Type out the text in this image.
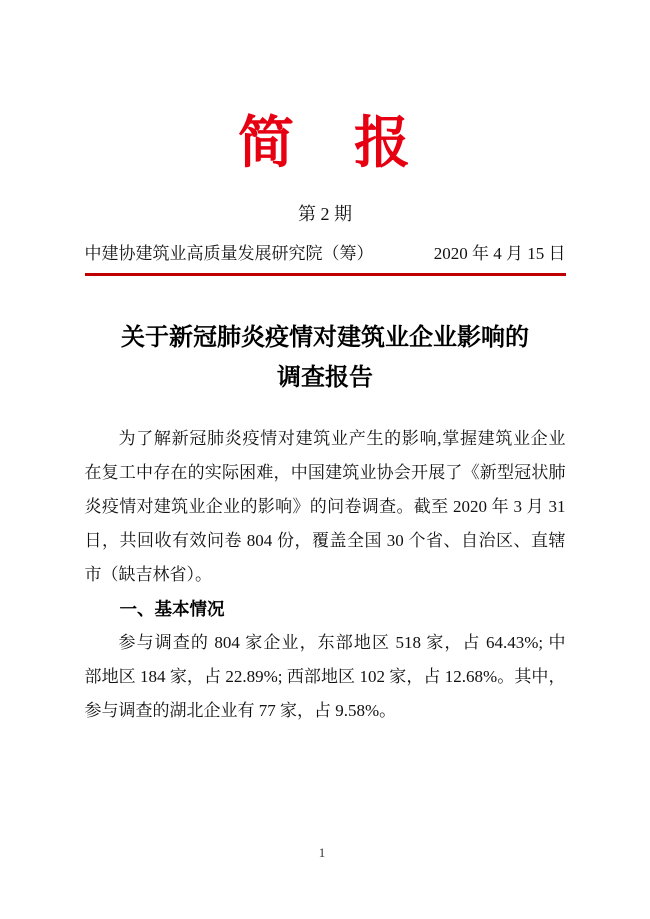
简　报
第 2 期
中建协建筑业高质量发展研究院（筹）	2020 年 4 月 15 日
关于新冠肺炎疫情对建筑业企业影响的
调查报告
为了解新冠肺炎疫情对建筑业产生的影响,掌握建筑业企业
在复工中存在的实际困难，中国建筑业协会开展了《新型冠状肺
炎疫情对建筑业企业的影响》的问卷调查。截至 2020 年 3 月 31
日，共回收有效问卷 804 份，覆盖全国 30 个省、自治区、直辖
市（缺吉林省）。
一、基本情况
参与调查的 804 家企业，东部地区 518 家，占 64.43%; 中
部地区 184 家，占 22.89%; 西部地区 102 家，占 12.68%。其中，
参与调查的湖北企业有 77 家，占 9.58%。
1
